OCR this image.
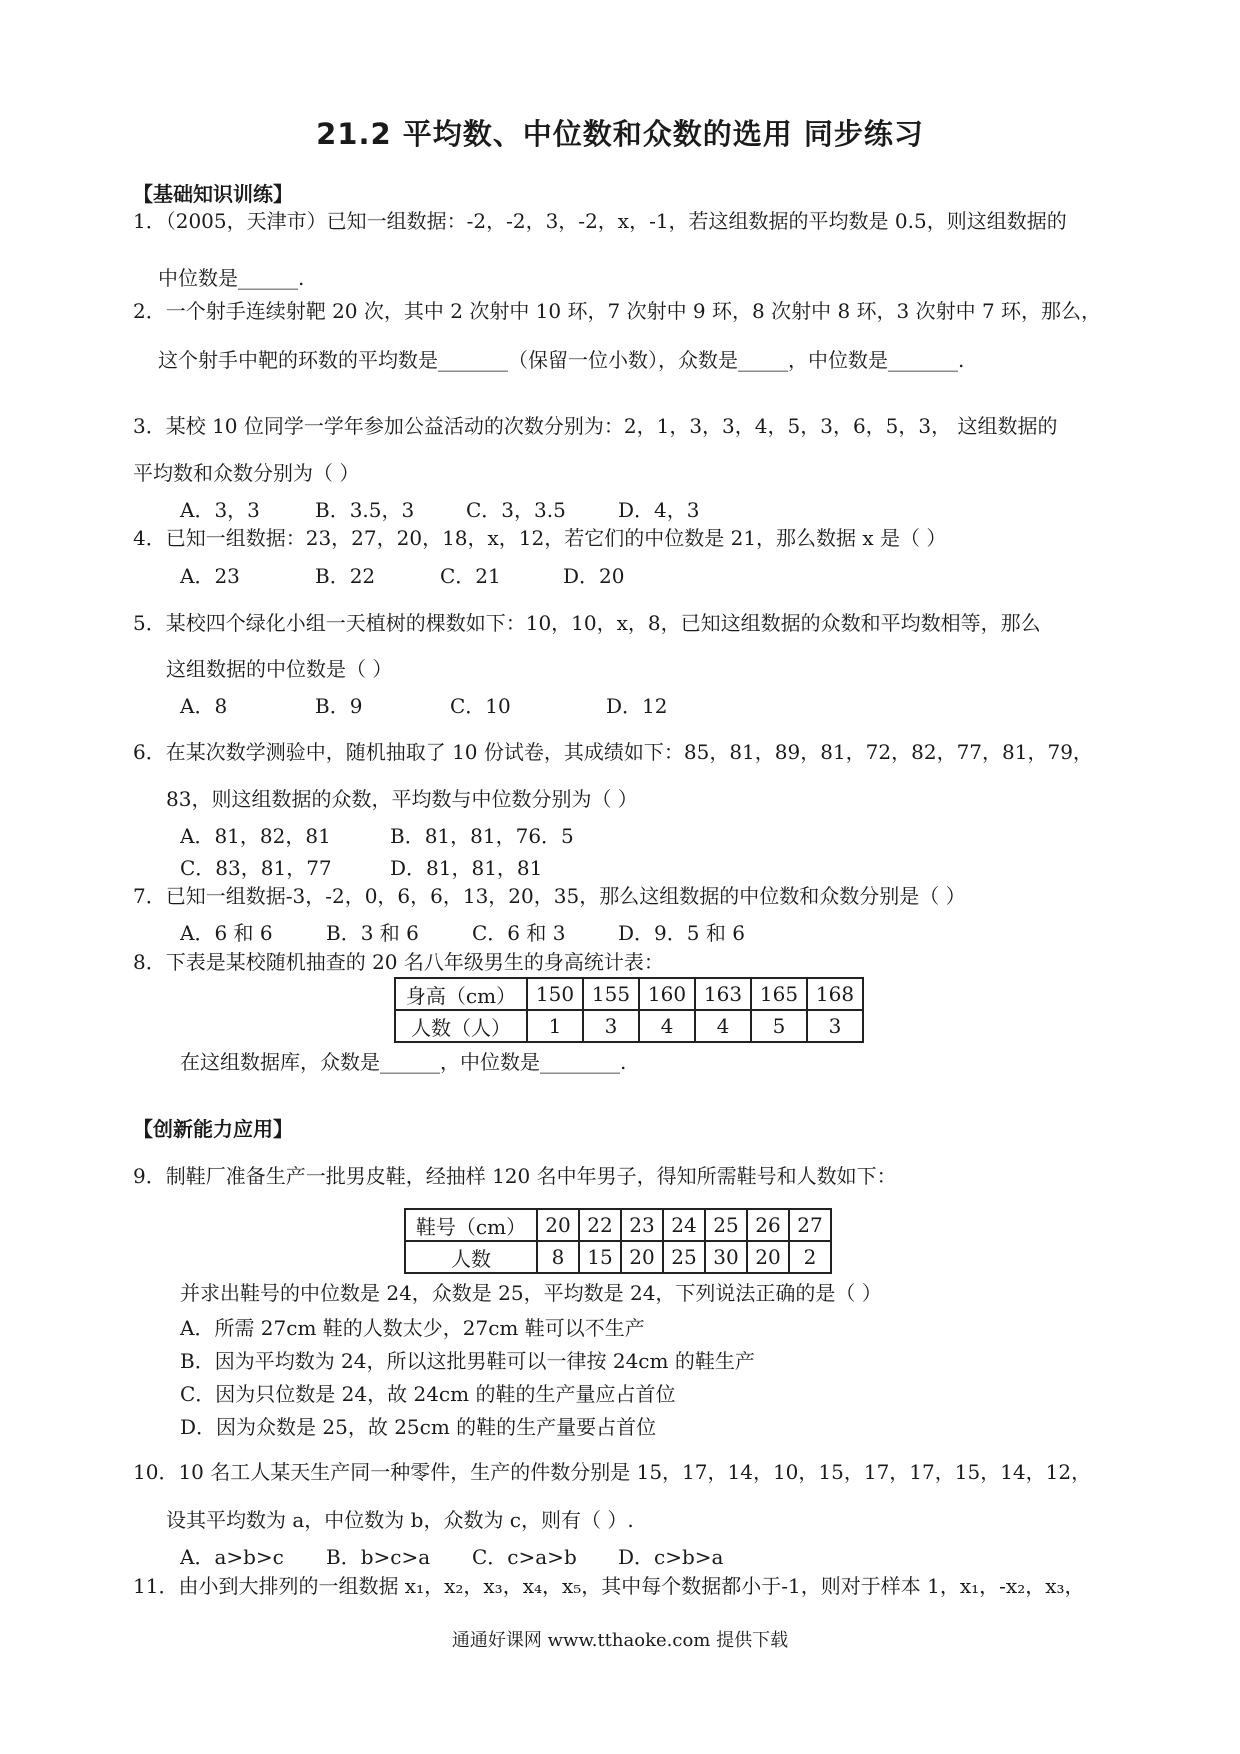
21.2 平均数、中位数和众数的选用 同步练习
【基础知识训练】
1．（2005，天津市）已知一组数据：-2，-2，3，-2，x，-1，若这组数据的平均数是 0.5，则这组数据的
中位数是______.
2．一个射手连续射靶 20 次，其中 2 次射中 10 环，7 次射中 9 环，8 次射中 8 环，3 次射中 7 环，那么，
这个射手中靶的环数的平均数是_______（保留一位小数），众数是_____，中位数是_______.
3．某校 10 位同学一学年参加公益活动的次数分别为：2，1，3，3，4，5，3，6，5，3， 这组数据的
平均数和众数分别为（ ）
A．3，3	B．3.5，3	C．3，3.5	D．4，3
4．已知一组数据：23，27，20，18，x，12，若它们的中位数是 21，那么数据 x 是（ ）
A．23	B．22	C．21	D．20
5．某校四个绿化小组一天植树的棵数如下：10，10，x，8，已知这组数据的众数和平均数相等，那么
这组数据的中位数是（ ）
A．8	B．9	C．10	D．12
6．在某次数学测验中，随机抽取了 10 份试卷，其成绩如下：85，81，89，81，72，82，77，81，79，
83，则这组数据的众数，平均数与中位数分别为（ ）
A．81，82，81	B．81，81，76．5
C．83，81，77	D．81，81，81
7．已知一组数据-3，-2，0，6，6，13，20，35，那么这组数据的中位数和众数分别是（ ）
A．6 和 6	B．3 和 6	C．6 和 3	D．9．5 和 6
8．下表是某校随机抽查的 20 名八年级男生的身高统计表：
身高（cm）	150	155	160	163	165	168
人数（人）	1	3	4	4	5	3
在这组数据库，众数是______，中位数是________.
【创新能力应用】
9．制鞋厂准备生产一批男皮鞋，经抽样 120 名中年男子，得知所需鞋号和人数如下：
鞋号（cm）	20	22	23	24	25	26	27
人数	8	15	20	25	30	20	2
并求出鞋号的中位数是 24，众数是 25，平均数是 24，下列说法正确的是（ ）
A．所需 27cm 鞋的人数太少，27cm 鞋可以不生产
B．因为平均数为 24，所以这批男鞋可以一律按 24cm 的鞋生产
C．因为只位数是 24，故 24cm 的鞋的生产量应占首位
D．因为众数是 25，故 25cm 的鞋的生产量要占首位
10．10 名工人某天生产同一种零件，生产的件数分别是 15，17，14，10，15，17，17，15，14，12，
设其平均数为 a，中位数为 b，众数为 c，则有（ ）.
A．a>b>c B．b>c>a C．c>a>b D．c>b>a
11．由小到大排列的一组数据 x₁，x₂，x₃，x₄，x₅，其中每个数据都小于-1，则对于样本 1，x₁，-x₂，x₃，
通通好课网 www.tthaoke.com 提供下载
